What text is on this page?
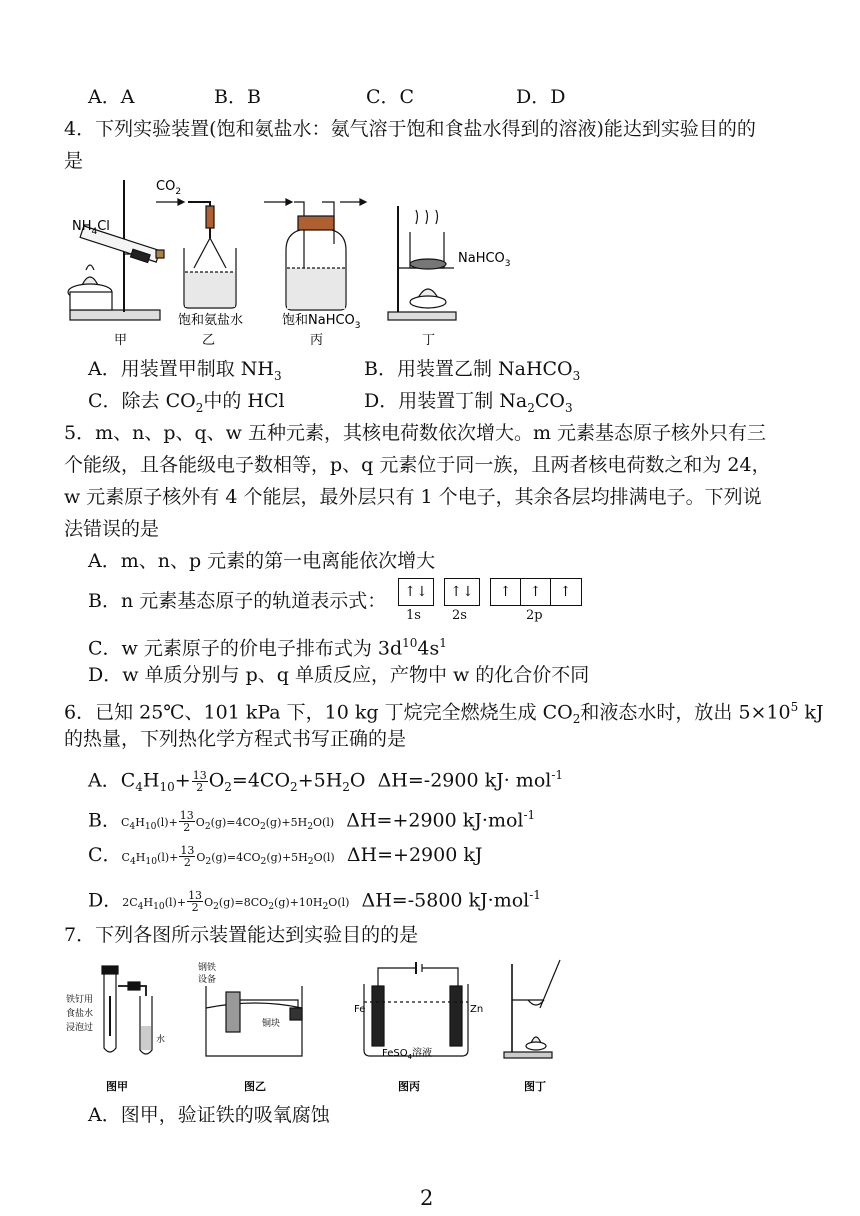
A．A	B．B	C．C	D．D
4．下列实验装置(饱和氨盐水：氨气溶于饱和食盐水得到的溶液)能达到实验目的的
是
$NH_4Cl$
甲
$CO_2$
饱和氨盐水
乙
饱和NaHCO$_3$
丙
NaHCO$_3$
丁
A．用装置甲制取 $NH_3$	B．用装置乙制 NaHCO$_3$
C．除去 $CO_2$中的 HCl	D．用装置丁制 $Na_2CO_3$
5．m、n、p、q、w 五种元素，其核电荷数依次增大。m 元素基态原子核外只有三
个能级，且各能级电子数相等，p、q 元素位于同一族，且两者核电荷数之和为 24，
w 元素原子核外有 4 个能层，最外层只有 1 个电子，其余各层均排满电子。下列说
法错误的是
A．m、n、p 元素的第一电离能依次增大
B．n 元素基态原子的轨道表示式：	↑↓	↑↓	↑	↑	↑
1s 2s	2p
C．w 元素原子的价电子排布式为 $3d^{10}4s^1$
D．w 单质分别与 p、q 单质反应，产物中 w 的化合价不同
6．已知 25℃、101 kPa 下，10 kg 丁烷完全燃烧生成 $CO_2$和液态水时，放出 $5\times 10^5$ kJ
的热量，下列热化学方程式书写正确的是
A．$C_4H_{10}+ \frac{13}{2} O_2=4CO_2+5H_2O$ ΔH=-2900 kJ· mol$^{-1}$
B．$C_4H_{10}(l)+ \frac{13}{2} O_2(g)=4CO_2(g)+5H_2O(l)$ ΔH=+2900 kJ·mol$^{-1}$
C．$C_4H_{10}(l)+ \frac{13}{2} O_2(g)=4CO_2(g)+5H_2O(l)$ ΔH=+2900 kJ
D．$2C_4H_{10}(l)+ \frac{13}{2} O_2(g)=8CO_2(g)+10H_2O(l)$ ΔH=-5800 kJ·mol$^{-1}$
7．下列各图所示装置能达到实验目的的是
铁钉用
食盐水
浸泡过
水
图甲
钢铁
设备
铜块
图乙
Fe	Zn
FeSO$_4$溶液
图丙	图丁
A．图甲，验证铁的吸氧腐蚀
2
